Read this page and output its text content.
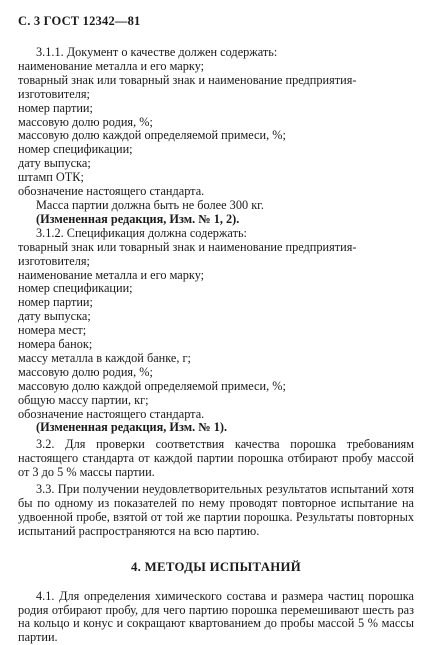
С. 3 ГОСТ 12342—81
3.1.1. Документ о качестве должен содержать:
наименование металла и его марку;
товарный знак или товарный знак и наименование предприятия-
изготовителя;
номер партии;
массовую долю родия, %;
массовую долю каждой определяемой примеси, %;
номер спецификации;
дату выпуска;
штамп ОТК;
обозначение настоящего стандарта.
Масса партии должна быть не более 300 кг.
(Измененная редакция, Изм. № 1, 2).
3.1.2. Спецификация должна содержать:
товарный знак или товарный знак и наименование предприятия-
изготовителя;
наименование металла и его марку;
номер спецификации;
номер партии;
дату выпуска;
номера мест;
номера банок;
массу металла в каждой банке, г;
массовую долю родия, %;
массовую долю каждой определяемой примеси, %;
общую массу партии, кг;
обозначение настоящего стандарта.
(Измененная редакция, Изм. № 1).
3.2. Для проверки соответствия качества порошка требованиям настоящего стандарта от каждой партии порошка отбирают пробу массой от 3 до 5 % массы партии.
3.3. При получении неудовлетворительных результатов испытаний хотя бы по одному из показателей по нему проводят повторное испытание на удвоенной пробе, взятой от той же партии порошка. Результаты повторных испытаний распространяются на всю партию.
4. МЕТОДЫ ИСПЫТАНИЙ
4.1. Для определения химического состава и размера частиц порошка родия отбирают пробу, для чего партию порошка перемешивают шесть раз на кольцо и конус и сокращают квартованием до пробы массой 5 % массы партии.
